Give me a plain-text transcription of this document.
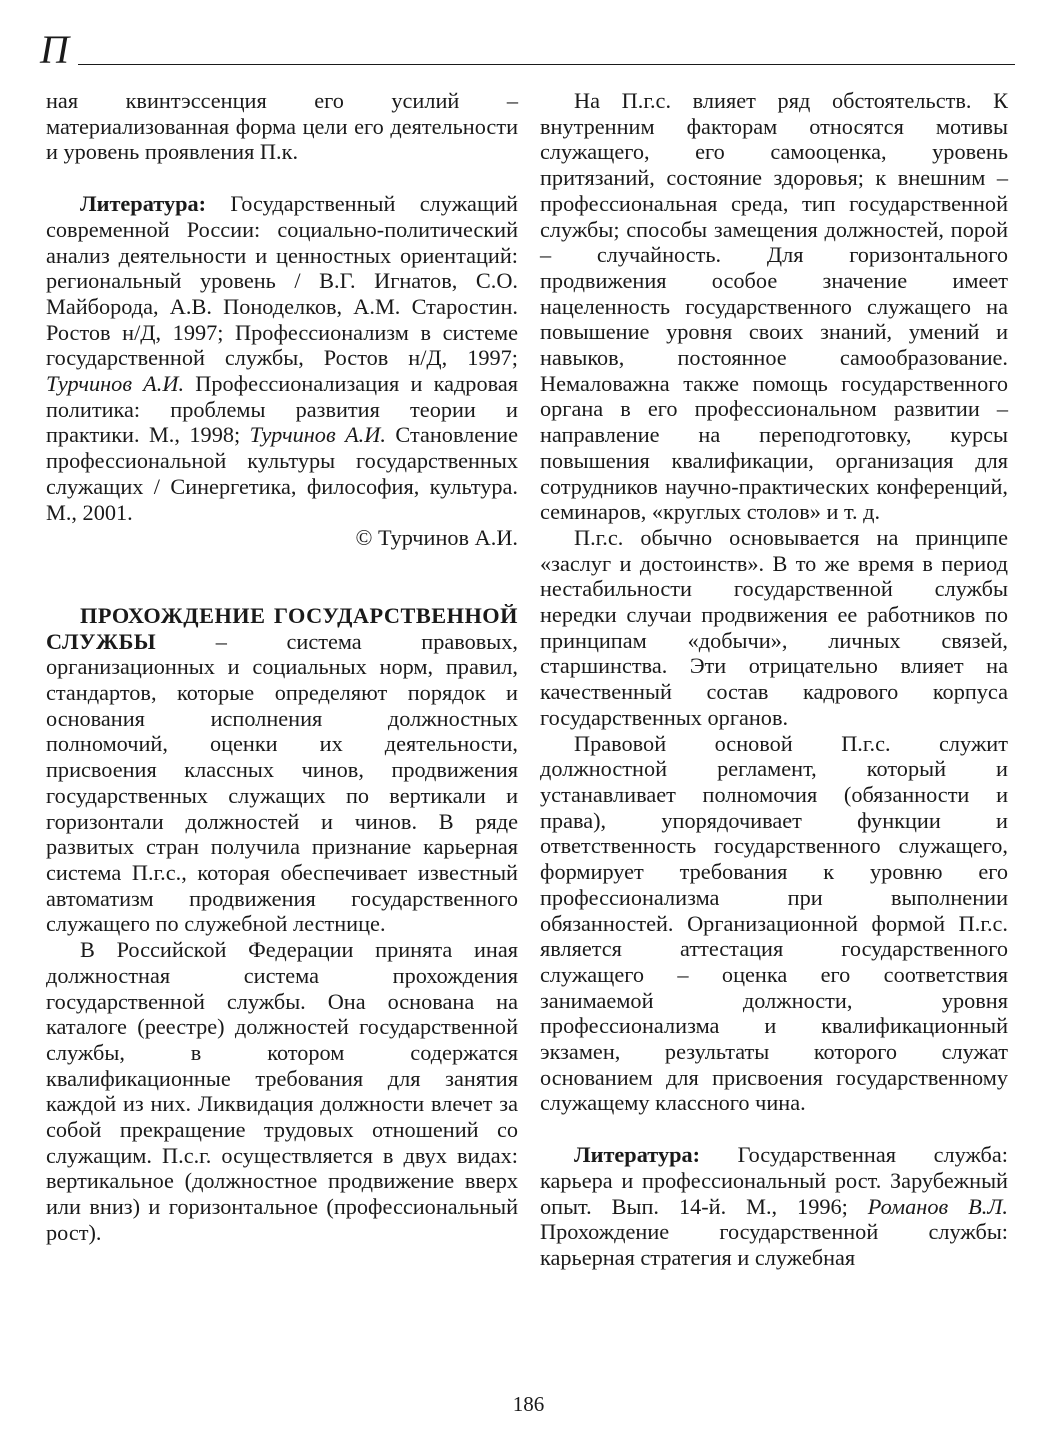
П

ная квинтэссенция его усилий – материализованная форма цели его деятельности и уровень проявления П.к.

Литература: Государственный служащий современной России: социально-политический анализ деятельности и ценностных ориентаций: региональный уровень / В.Г. Игнатов, С.О. Майборода, А.В. Поноделков, А.М. Старостин. Ростов н/Д, 1997; Профессионализм в системе государственной службы, Ростов н/Д, 1997; Турчинов А.И. Профессионализация и кадровая политика: проблемы развития теории и практики. М., 1998; Турчинов А.И. Становление профессиональной культуры государственных служащих / Синергетика, философия, культура. М., 2001.

© Турчинов А.И.

ПРОХОЖДЕНИЕ ГОСУДАРСТВЕННОЙ СЛУЖБЫ – система правовых, организационных и социальных норм, правил, стандартов, которые определяют порядок и основания исполнения должностных полномочий, оценки их деятельности, присвоения классных чинов, продвижения государственных служащих по вертикали и горизонтали должностей и чинов. В ряде развитых стран получила признание карьерная система П.г.с., которая обеспечивает известный автоматизм продвижения государственного служащего по служебной лестнице.

В Российской Федерации принята иная должностная система прохождения государственной службы. Она основана на каталоге (реестре) должностей государственной службы, в котором содержатся квалификационные требования для занятия каждой из них. Ликвидация должности влечет за собой прекращение трудовых отношений со служащим. П.с.г. осуществляется в двух видах: вертикальное (должностное продвижение вверх или вниз) и горизонтальное (профессиональный рост).

На П.г.с. влияет ряд обстоятельств. К внутренним факторам относятся мотивы служащего, его самооценка, уровень притязаний, состояние здоровья; к внешним – профессиональная среда, тип государственной службы; способы замещения должностей, порой – случайность. Для горизонтального продвижения особое значение имеет нацеленность государственного служащего на повышение уровня своих знаний, умений и навыков, постоянное самообразование. Немаловажна также помощь государственного органа в его профессиональном развитии – направление на переподготовку, курсы повышения квалификации, организация для сотрудников научно-практических конференций, семинаров, «круглых столов» и т. д.

П.г.с. обычно основывается на принципе «заслуг и достоинств». В то же время в период нестабильности государственной службы нередки случаи продвижения ее работников по принципам «добычи», личных связей, старшинства. Эти отрицательно влияет на качественный состав кадрового корпуса государственных органов.

Правовой основой П.г.с. служит должностной регламент, который и устанавливает полномочия (обязанности и права), упорядочивает функции и ответственность государственного служащего, формирует требования к уровню его профессионализма при выполнении обязанностей. Организационной формой П.г.с. является аттестация государственного служащего – оценка его соответствия занимаемой должности, уровня профессионализма и квалификационный экзамен, результаты которого служат основанием для присвоения государственному служащему классного чина.

Литература: Государственная служба: карьера и профессиональный рост. Зарубежный опыт. Вып. 14-й. М., 1996; Романов В.Л. Прохождение государственной службы: карьерная стратегия и служебная

186
